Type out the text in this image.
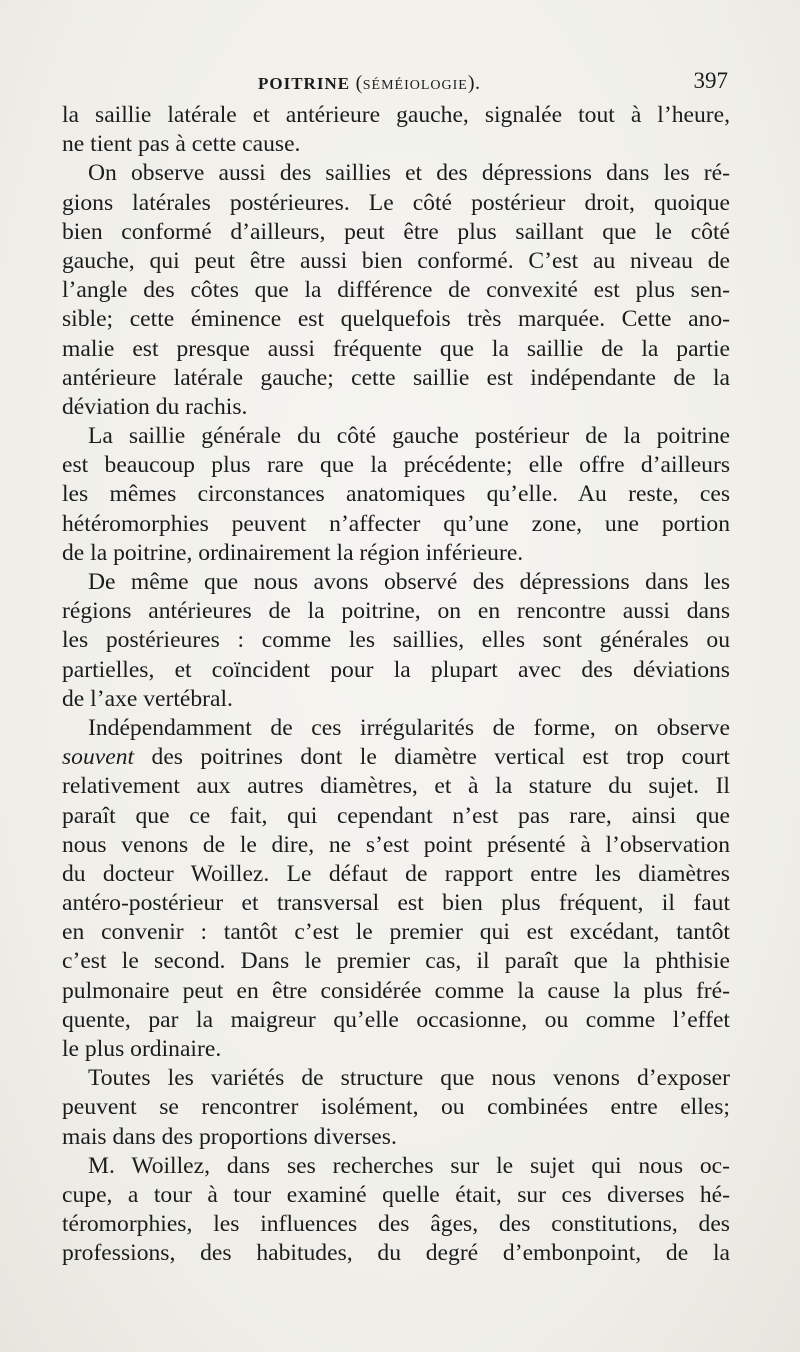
POITRINE (SÉMÉIOLOGIE).	397
la saillie latérale et antérieure gauche, signalée tout à l’heure,
ne tient pas à cette cause.
On observe aussi des saillies et des dépressions dans les ré-
gions latérales postérieures. Le côté postérieur droit, quoique
bien conformé d’ailleurs, peut être plus saillant que le côté
gauche, qui peut être aussi bien conformé. C’est au niveau de
l’angle des côtes que la différence de convexité est plus sen-
sible; cette éminence est quelquefois très marquée. Cette ano-
malie est presque aussi fréquente que la saillie de la partie
antérieure latérale gauche; cette saillie est indépendante de la
déviation du rachis.
La saillie générale du côté gauche postérieur de la poitrine
est beaucoup plus rare que la précédente; elle offre d’ailleurs
les mêmes circonstances anatomiques qu’elle. Au reste, ces
hétéromorphies peuvent n’affecter qu’une zone, une portion
de la poitrine, ordinairement la région inférieure.
De même que nous avons observé des dépressions dans les
régions antérieures de la poitrine, on en rencontre aussi dans
les postérieures : comme les saillies, elles sont générales ou
partielles, et coïncident pour la plupart avec des déviations
de l’axe vertébral.
Indépendamment de ces irrégularités de forme, on observe
souvent des poitrines dont le diamètre vertical est trop court
relativement aux autres diamètres, et à la stature du sujet. Il
paraît que ce fait, qui cependant n’est pas rare, ainsi que
nous venons de le dire, ne s’est point présenté à l’observation
du docteur Woillez. Le défaut de rapport entre les diamètres
antéro-postérieur et transversal est bien plus fréquent, il faut
en convenir : tantôt c’est le premier qui est excédant, tantôt
c’est le second. Dans le premier cas, il paraît que la phthisie
pulmonaire peut en être considérée comme la cause la plus fré-
quente, par la maigreur qu’elle occasionne, ou comme l’effet
le plus ordinaire.
Toutes les variétés de structure que nous venons d’exposer
peuvent se rencontrer isolément, ou combinées entre elles;
mais dans des proportions diverses.
M. Woillez, dans ses recherches sur le sujet qui nous oc-
cupe, a tour à tour examiné quelle était, sur ces diverses hé-
téromorphies, les influences des âges, des constitutions, des
professions, des habitudes, du degré d’embonpoint, de la
